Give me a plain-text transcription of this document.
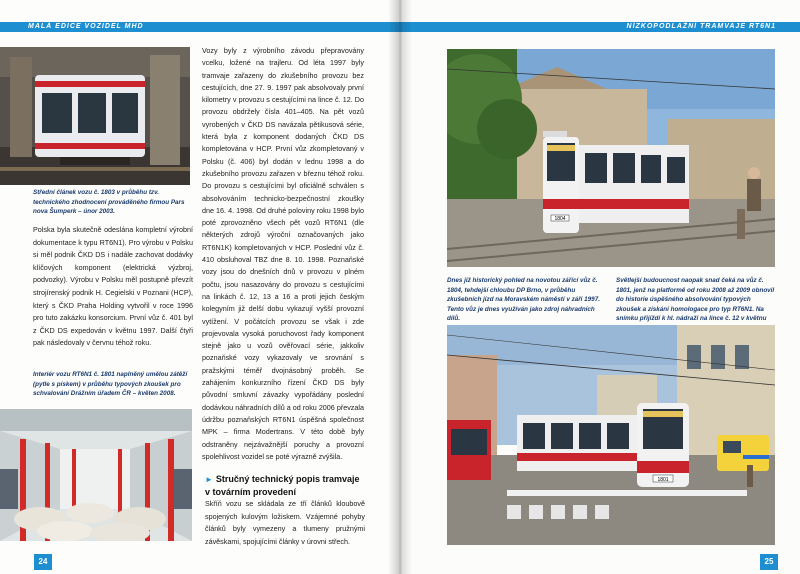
MALÁ EDICE VOZIDEL MHD
Střední článek vozu č. 1803 v průběhu tzv. technického zhodnocení prováděného firmou Pars nova Šumperk – únor 2003.
Polska byla skutečně odeslána kompletní výrobní dokumentace k typu RT6N1). Pro výrobu v Polsku si měl podnik ČKD DS i nadále zachovat dodávky klíčových komponent (elektrická výzbroj, podvozky). Výrobu v Polsku měl postupně převzít strojírenský podnik H. Cegielski v Poznani (HCP), který s ČKD Praha Holding vytvořil v roce 1996 pro tuto zakázku konsorcium. První vůz č. 401 byl z ČKD DS expedován v květnu 1997. Další čtyři pak následovaly v červnu téhož roku.
Interiér vozu RT6N1 č. 1801 naplněný umělou zátěží (pytle s pískem) v průběhu typových zkoušek pro schvalování Drážním úřadem ČR – květen 2008.
Vozy byly z výrobního závodu přepravovány vcelku, ložené na trajleru. Od léta 1997 byly tramvaje zařazeny do zkušebního provozu bez cestujících, dne 27. 9. 1997 pak absolvovaly první kilometry v provozu s cestujícími na lince č. 12. Do provozu obdržely čísla 401–405. Na pět vozů vyrobených v ČKD DS navázala pětikusová série, která byla z komponent dodaných ČKD DS kompletována v HCP. První vůz zkompletovaný v Polsku (č. 406) byl dodán v lednu 1998 a do zkušebního provozu zařazen v březnu téhož roku. Do provozu s cestujícími byl oficiálně schválen s absolvováním technicko-bezpečnostní zkoušky dne 16. 4. 1998. Od druhé poloviny roku 1998 bylo poté zprovozněno všech pět vozů RT6N1 (dle některých zdrojů výroční označovaných jako RT6N1K) kompletovaných v HCP. Poslední vůz č. 410 obsluhoval TBZ dne 8. 10. 1998. Poznaňské vozy jsou do dnešních dnů v provozu v plném počtu, jsou nasazovány do provozu s cestujícími na linkách č. 12, 13 a 16 a proti jejich českým kolegyním již delší dobu vykazují vyšší provozní vytížení. V počátcích provozu se však i zde projevovala vysoká poruchovost řady komponent stejně jako u vozů ověřovací série, jakkoliv poznaňské vozy vykazovaly ve srovnání s pražskými téměř dvojnásobný proběh. Se zahájením konkurzního řízení ČKD DS byly původní smluvní závazky vypořádány poslední dodávkou náhradních dílů a od roku 2006 převzala údržbu poznaňských RT6N1 úspěšná společnost MPK – firma Modertrans. V této době byly odstraněny nejzávažnější poruchy a provozní spolehlivost vozidel se poté výrazně zvýšila.
► Stručný technický popis tramvaje v továrním provedení
Skříň vozu se skládala ze tří článků kloubově spojených kulovým ložiskem. Vzájemné pohyby článků byly vymezeny a tlumeny pružnými závěskami, spojujícími články v úrovni střech.
24
NÍZKOPODLAŽNÍ TRAMVAJE RT6N1
1804
Dnes již historický pohled na novotou zářící vůz č. 1804, tehdejší chloubu DP Brno, v průběhu zkušebních jízd na Moravském náměstí v září 1997. Tento vůz je dnes využíván jako zdroj náhradních dílů.
Světlejší budoucnost naopak snad čeká na vůz č. 1801, jenž na platformě od roku 2008 až 2009 obnovil do historie úspěšného absolvování typových zkoušek a získání homologace pro typ RT6N1. Na snímku přijíždí k hl. nádraží na lince č. 12 v květnu
1801
25
